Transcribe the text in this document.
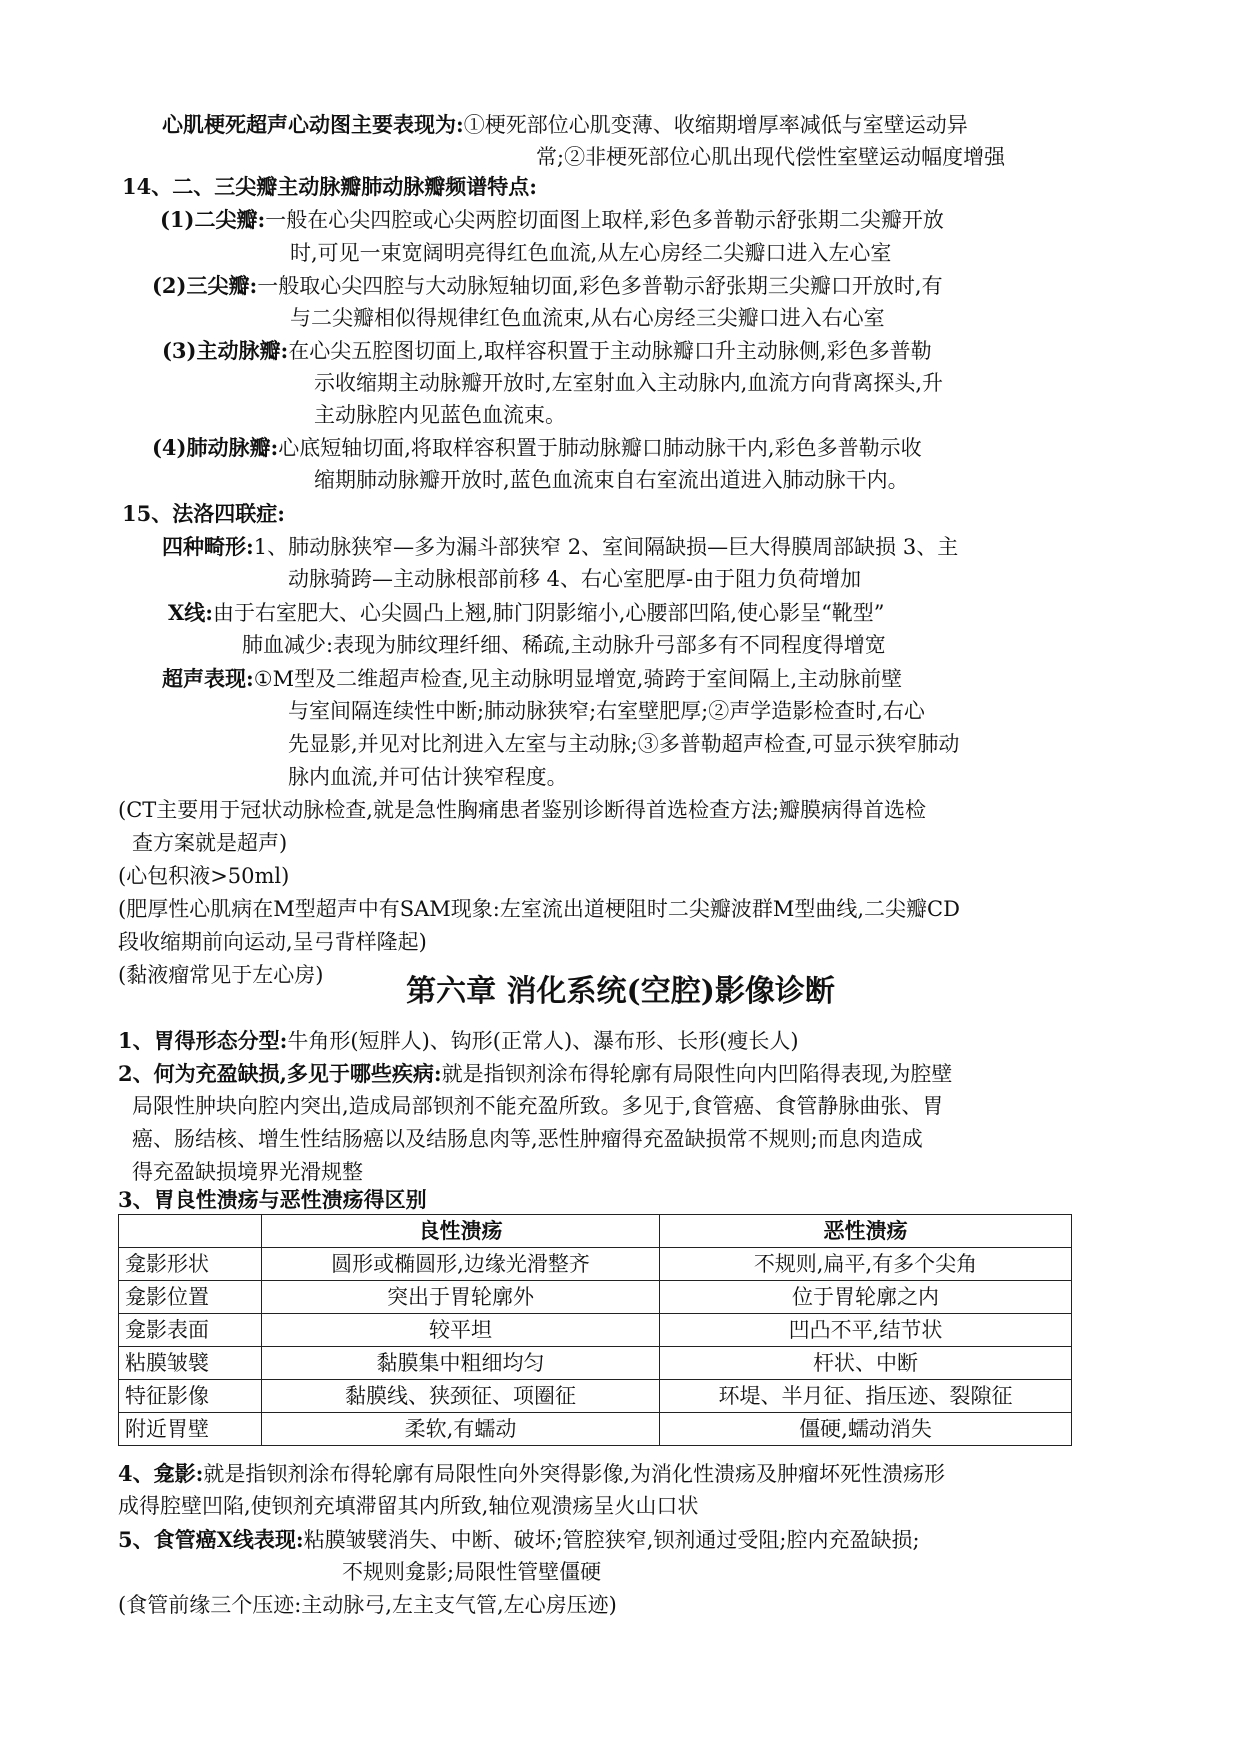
心肌梗死超声心动图主要表现为:①梗死部位心肌变薄、收缩期增厚率减低与室壁运动异
常;②非梗死部位心肌出现代偿性室壁运动幅度增强
14、二、三尖瓣主动脉瓣肺动脉瓣频谱特点:
(1)二尖瓣:一般在心尖四腔或心尖两腔切面图上取样,彩色多普勒示舒张期二尖瓣开放
时,可见一束宽阔明亮得红色血流,从左心房经二尖瓣口进入左心室
(2)三尖瓣:一般取心尖四腔与大动脉短轴切面,彩色多普勒示舒张期三尖瓣口开放时,有
与二尖瓣相似得规律红色血流束,从右心房经三尖瓣口进入右心室
(3)主动脉瓣:在心尖五腔图切面上,取样容积置于主动脉瓣口升主动脉侧,彩色多普勒
示收缩期主动脉瓣开放时,左室射血入主动脉内,血流方向背离探头,升
主动脉腔内见蓝色血流束。
(4)肺动脉瓣:心底短轴切面,将取样容积置于肺动脉瓣口肺动脉干内,彩色多普勒示收
缩期肺动脉瓣开放时,蓝色血流束自右室流出道进入肺动脉干内。
15、法洛四联症:
四种畸形:1、肺动脉狭窄—多为漏斗部狭窄 2、室间隔缺损—巨大得膜周部缺损 3、主
动脉骑跨—主动脉根部前移 4、右心室肥厚-由于阻力负荷增加
X线:由于右室肥大、心尖圆凸上翘,肺门阴影缩小,心腰部凹陷,使心影呈“靴型”
肺血减少:表现为肺纹理纤细、稀疏,主动脉升弓部多有不同程度得增宽
超声表现:①M型及二维超声检查,见主动脉明显增宽,骑跨于室间隔上,主动脉前壁
与室间隔连续性中断;肺动脉狭窄;右室壁肥厚;②声学造影检查时,右心
先显影,并见对比剂进入左室与主动脉;③多普勒超声检查,可显示狭窄肺动
脉内血流,并可估计狭窄程度。
(CT主要用于冠状动脉检查,就是急性胸痛患者鉴别诊断得首选检查方法;瓣膜病得首选检
查方案就是超声)
(心包积液>50ml)
(肥厚性心肌病在M型超声中有SAM现象:左室流出道梗阻时二尖瓣波群M型曲线,二尖瓣CD
段收缩期前向运动,呈弓背样隆起)
(黏液瘤常见于左心房)	第六章 消化系统(空腔)影像诊断
1、胃得形态分型:牛角形(短胖人)、钩形(正常人)、瀑布形、长形(瘦长人)
2、何为充盈缺损,多见于哪些疾病:就是指钡剂涂布得轮廓有局限性向内凹陷得表现,为腔壁
局限性肿块向腔内突出,造成局部钡剂不能充盈所致。多见于,食管癌、食管静脉曲张、胃
癌、肠结核、增生性结肠癌以及结肠息肉等,恶性肿瘤得充盈缺损常不规则;而息肉造成
得充盈缺损境界光滑规整
3、胃良性溃疡与恶性溃疡得区别
	良性溃疡	恶性溃疡
龛影形状	圆形或椭圆形,边缘光滑整齐	不规则,扁平,有多个尖角
龛影位置	突出于胃轮廓外	位于胃轮廓之内
龛影表面	较平坦	凹凸不平,结节状
粘膜皱襞	黏膜集中粗细均匀	杆状、中断
特征影像	黏膜线、狭颈征、项圈征	环堤、半月征、指压迹、裂隙征
附近胃壁	柔软,有蠕动	僵硬,蠕动消失
4、龛影:就是指钡剂涂布得轮廓有局限性向外突得影像,为消化性溃疡及肿瘤坏死性溃疡形
成得腔壁凹陷,使钡剂充填滞留其内所致,轴位观溃疡呈火山口状
5、食管癌X线表现:粘膜皱襞消失、中断、破坏;管腔狭窄,钡剂通过受阻;腔内充盈缺损;
不规则龛影;局限性管壁僵硬
(食管前缘三个压迹:主动脉弓,左主支气管,左心房压迹)
